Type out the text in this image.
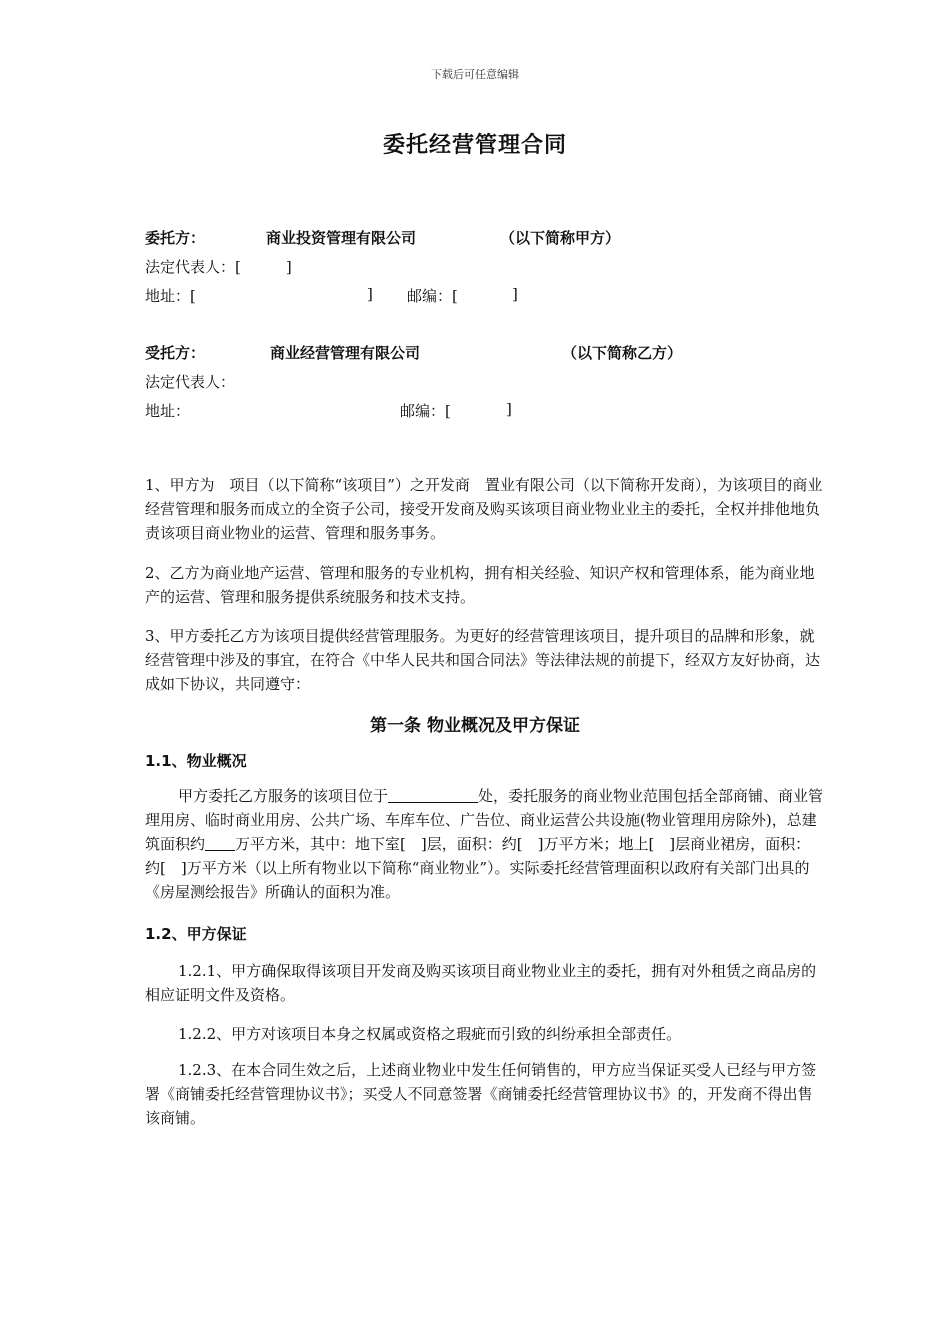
下载后可任意编辑
委托经营管理合同
委托方：	商业投资管理有限公司	（以下简称甲方）
法定代表人：[　　　]
地址：[	] 邮编：[	]
受托方：	商业经营管理有限公司	（以下简称乙方）
法定代表人：
地址：	邮编：[	]
1、甲方为　项目（以下简称“该项目”）之开发商　置业有限公司（以下简称开发商），为该项目的商业经营管理和服务而成立的全资子公司，接受开发商及购买该项目商业物业业主的委托，全权并排他地负责该项目商业物业的运营、管理和服务事务。
2、乙方为商业地产运营、管理和服务的专业机构，拥有相关经验、知识产权和管理体系，能为商业地产的运营、管理和服务提供系统服务和技术支持。
3、甲方委托乙方为该项目提供经营管理服务。为更好的经营管理该项目，提升项目的品牌和形象，就经营管理中涉及的事宜，在符合《中华人民共和国合同法》等法律法规的前提下，经双方友好协商，达成如下协议，共同遵守：
第一条 物业概况及甲方保证
1.1、物业概况
甲方委托乙方服务的该项目位于　　　　　　	处，委托服务的商业物业范围包括全部商铺、商业管理用房、临时商业用房、公共广场、车库车位、广告位、商业运营公共设施(物业管理用房除外)，总建筑面积约　　 万平方米，其中：地下室[　]层，面积：约[　]万平方米；地上[　]层商业裙房，面积：约[　]万平方米（以上所有物业以下简称“商业物业”）。实际委托经营管理面积以政府有关部门出具的《房屋测绘报告》所确认的面积为准。
1.2、甲方保证
1.2.1、甲方确保取得该项目开发商及购买该项目商业物业业主的委托，拥有对外租赁之商品房的相应证明文件及资格。
1.2.2、甲方对该项目本身之权属或资格之瑕疵而引致的纠纷承担全部责任。
1.2.3、在本合同生效之后，上述商业物业中发生任何销售的，甲方应当保证买受人已经与甲方签署《商铺委托经营管理协议书》；买受人不同意签署《商铺委托经营管理协议书》的，开发商不得出售该商铺。
